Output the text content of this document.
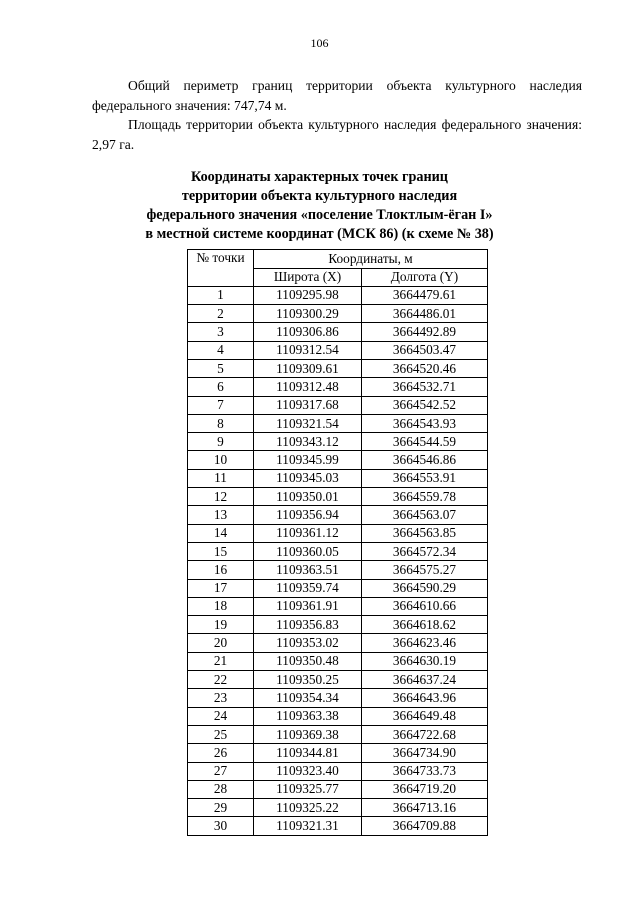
106

Общий периметр границ территории объекта культурного наследия федерального значения: 747,74 м.

Площадь территории объекта культурного наследия федерального значения: 2,97 га.

Координаты характерных точек границ
территории объекта культурного наследия
федерального значения «поселение Тлоктлым-ёган I»
в местной системе координат (МСК 86) (к схеме № 38)
№ точки	Координаты, м	
	Широта (X)	Долгота (Y)
1	1109295.98	3664479.61
2	1109300.29	3664486.01
3	1109306.86	3664492.89
4	1109312.54	3664503.47
5	1109309.61	3664520.46
6	1109312.48	3664532.71
7	1109317.68	3664542.52
8	1109321.54	3664543.93
9	1109343.12	3664544.59
10	1109345.99	3664546.86
11	1109345.03	3664553.91
12	1109350.01	3664559.78
13	1109356.94	3664563.07
14	1109361.12	3664563.85
15	1109360.05	3664572.34
16	1109363.51	3664575.27
17	1109359.74	3664590.29
18	1109361.91	3664610.66
19	1109356.83	3664618.62
20	1109353.02	3664623.46
21	1109350.48	3664630.19
22	1109350.25	3664637.24
23	1109354.34	3664643.96
24	1109363.38	3664649.48
25	1109369.38	3664722.68
26	1109344.81	3664734.90
27	1109323.40	3664733.73
28	1109325.77	3664719.20
29	1109325.22	3664713.16
30	1109321.31	3664709.88
